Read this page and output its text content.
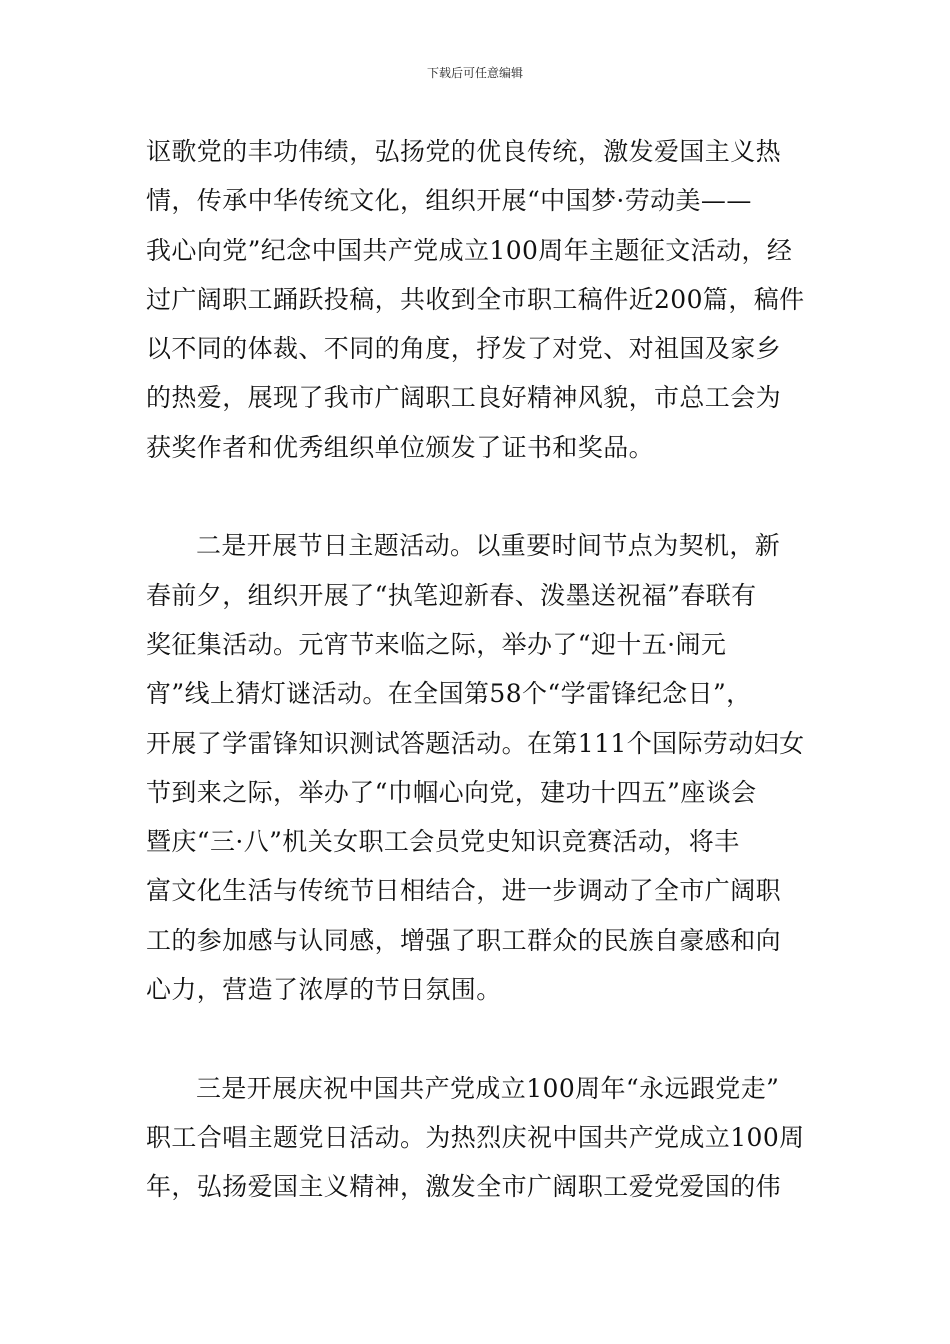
下载后可任意编辑
讴歌党的丰功伟绩，弘扬党的优良传统，激发爱国主义热
情，传承中华传统文化，组织开展“中国梦·劳动美——
我心向党”纪念中国共产党成立100周年主题征文活动，经
过广阔职工踊跃投稿，共收到全市职工稿件近200篇，稿件
以不同的体裁、不同的角度，抒发了对党、对祖国及家乡
的热爱，展现了我市广阔职工良好精神风貌，市总工会为
获奖作者和优秀组织单位颁发了证书和奖品。
二是开展节日主题活动。以重要时间节点为契机，新
春前夕，组织开展了“执笔迎新春、泼墨送祝福”春联有
奖征集活动。元宵节来临之际，举办了“迎十五·闹元
宵”线上猜灯谜活动。在全国第58个“学雷锋纪念日”，
开展了学雷锋知识测试答题活动。在第111个国际劳动妇女
节到来之际，举办了“巾帼心向党，建功十四五”座谈会
暨庆“三·八”机关女职工会员党史知识竞赛活动，将丰
富文化生活与传统节日相结合，进一步调动了全市广阔职
工的参加感与认同感，增强了职工群众的民族自豪感和向
心力，营造了浓厚的节日氛围。
三是开展庆祝中国共产党成立100周年“永远跟党走”
职工合唱主题党日活动。为热烈庆祝中国共产党成立100周
年，弘扬爱国主义精神，激发全市广阔职工爱党爱国的伟
